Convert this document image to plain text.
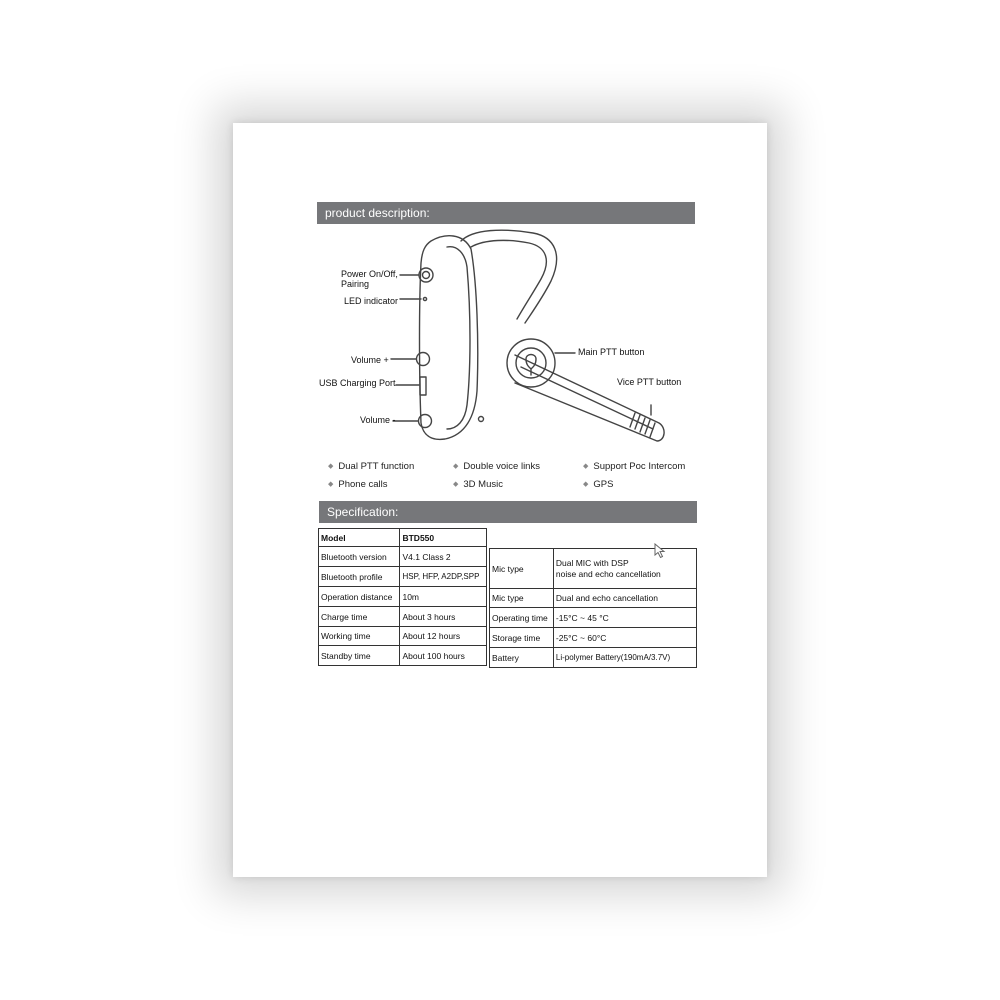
product description:
Power On/Off,
Pairing
LED indicator
Volume +
USB Charging Port
Volume -
Main PTT button
Vice PTT button
◆ Dual PTT function	◆ Double voice links	◆ Support Poc Intercom
◆ Phone calls	◆ 3D Music	◆ GPS
Specification:
Model	BTD550
Bluetooth version	V4.1 Class 2
Bluetooth profile	HSP, HFP, A2DP,SPP
Operation distance	10m
Charge time	About 3 hours
Working time	About 12 hours
Standby time	About 100 hours
Mic type	Dual MIC with DSP
noise and echo cancellation

Mic type	Dual and echo cancellation
Operating time	-15°C ~ 45 °C
Storage time	-25°C ~ 60°C
Battery	Li-polymer Battery(190mA/3.7V)
